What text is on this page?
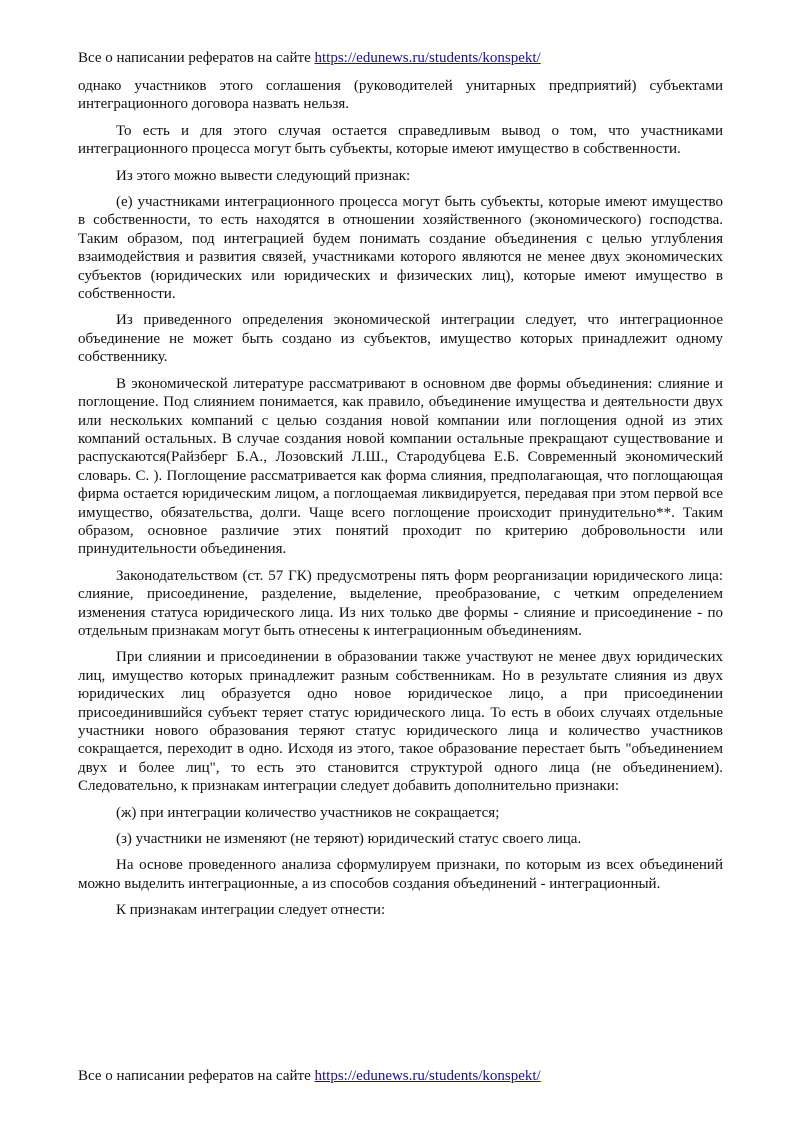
Все о написании рефератов на сайте https://edunews.ru/students/konspekt/

однако участников этого соглашения (руководителей унитарных предприятий) субъектами интеграционного договора назвать нельзя.

То есть и для этого случая остается справедливым вывод о том, что участниками интеграционного процесса могут быть субъекты, которые имеют имущество в собственности.

Из этого можно вывести следующий признак:

(е) участниками интеграционного процесса могут быть субъекты, которые имеют имущество в собственности, то есть находятся в отношении хозяйственного (экономического) господства. Таким образом, под интеграцией будем понимать создание объединения с целью углубления взаимодействия и развития связей, участниками которого являются не менее двух экономических субъектов (юридических или юридических и физических лиц), которые имеют имущество в собственности.

Из приведенного определения экономической интеграции следует, что интеграционное объединение не может быть создано из субъектов, имущество которых принадлежит одному собственнику.

В экономической литературе рассматривают в основном две формы объединения: слияние и поглощение. Под слиянием понимается, как правило, объединение имущества и деятельности двух или нескольких компаний с целью создания новой компании или поглощения одной из этих компаний остальных. В случае создания новой компании остальные прекращают существование и распускаются(Райзберг Б.А., Лозовский Л.Ш., Стародубцева Е.Б. Современный экономический словарь. С. ). Поглощение рассматривается как форма слияния, предполагающая, что поглощающая фирма остается юридическим лицом, а поглощаемая ликвидируется, передавая при этом первой все имущество, обязательства, долги. Чаще всего поглощение происходит принудительно**. Таким образом, основное различие этих понятий проходит по критерию добровольности или принудительности объединения.

Законодательством (ст. 57 ГК) предусмотрены пять форм реорганизации юридического лица: слияние, присоединение, разделение, выделение, преобразование, с четким определением изменения статуса юридического лица. Из них только две формы - слияние и присоединение - по отдельным признакам могут быть отнесены к интеграционным объединениям.

При слиянии и присоединении в образовании также участвуют не менее двух юридических лиц, имущество которых принадлежит разным собственникам. Но в результате слияния из двух юридических лиц образуется одно новое юридическое лицо, а при присоединении присоединившийся субъект теряет статус юридического лица. То есть в обоих случаях отдельные участники нового образования теряют статус юридического лица и количество участников сокращается, переходит в одно. Исходя из этого, такое образование перестает быть "объединением двух и более лиц", то есть это становится структурой одного лица (не объединением). Следовательно, к признакам интеграции следует добавить дополнительно признаки:

(ж) при интеграции количество участников не сокращается;

(з) участники не изменяют (не теряют) юридический статус своего лица.

На основе проведенного анализа сформулируем признаки, по которым из всех объединений можно выделить интеграционные, а из способов создания объединений - интеграционный.

К признакам интеграции следует отнести:

Все о написании рефератов на сайте https://edunews.ru/students/konspekt/
